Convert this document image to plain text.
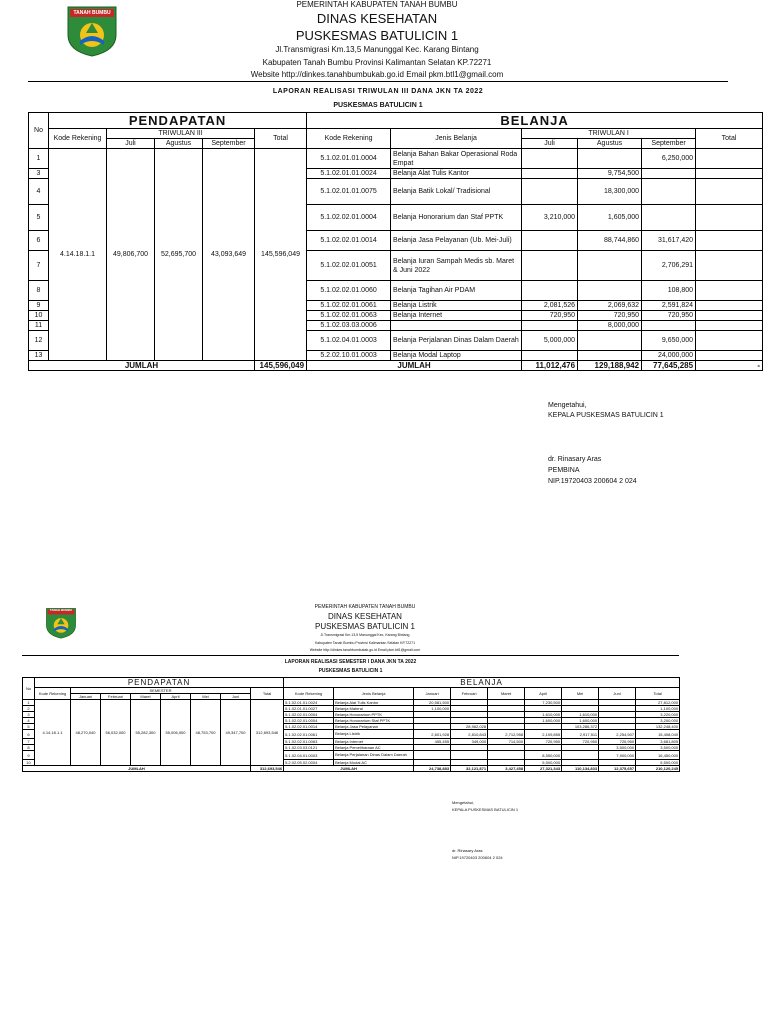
TANAH BUMBU
PEMERINTAH KABUPATEN TANAH BUMBU
DINAS KESEHATAN
PUSKESMAS BATULICIN 1
Jl.Transmigrasi Km.13,5 Manunggal Kec. Karang Bintang
Kabupaten Tanah Bumbu Provinsi Kalimantan Selatan KP.72271
Website http://dinkes.tanahbumbukab.go.id Email pkm.btl1@gmail.com
LAPORAN REALISASI TRIWULAN III DANA JKN TA 2022
PUSKESMAS BATULICIN 1
No	PENDAPATAN					BELANJA					
	Kode Rekening	TRIWULAN III			Total	Kode Rekening	Jenis Belanja	TRIWULAN I			Total
		Juli	Agustus	September				Juli	Agustus	September	
1	4.14.18.1.1	49,806,700	52,695,700	43,093,649	145,596,049	5.1.02.01.01.0004	Belanja Bahan Bakar Operasional Roda Empat			6,250,000	
3						5.1.02.01.01.0024	Belanja Alat Tulis Kantor		9,754,500		
4						5.1.02.01.01.0075	Belanja Batik Lokal/ Tradisional		18,300,000		
5						5.1.02.02.01.0004	Belanja Honorarium dan Staf PPTK	3,210,000	1,605,000		
6						5.1.02.02.01.0014	Belanja Jasa Pelayanan (Ub. Mei-Juli)		88,744,860	31,617,420	
7						5.1.02.02.01.0051	Belanja Iuran Sampah Medis sb. Maret & Juni 2022			2,706,291	
8						5.1.02.02.01.0060	Belanja Tagihan Air PDAM			108,800	
9						5.1.02.02.01.0061	Belanja Listrik	2,081,526	2,069,632	2,591,824	
10						5.1.02.02.01.0063	Belanja Internet	720,950	720,950	720,950	
11						5.1.02.03.03.0006			8,000,000		
12						5.1.02.04.01.0003	Belanja Perjalanan Dinas Dalam Daerah	5,000,000		9,650,000	
13						5.2.02.10.01.0003	Belanja Modal Laptop			24,000,000	
JUMLAH					145,596,049	JUMLAH		11,012,476	129,188,942	77,645,285	-
Mengetahui,
KEPALA PUSKESMAS BATULICIN 1
dr. Rinasary Aras
PEMBINA
NIP.19720403 200604 2 024
TANAH BUMBU	PEMERINTAH KABUPATEN TANAH BUMBU
DINAS KESEHATAN
PUSKESMAS BATULICIN 1
Jl.Transmigrasi Km.13,5 Manunggal Kec. Karang Bintang
Kabupaten Tanah Bumbu Provinsi Kalimantan Selatan KP.72271
Website http://dinkes.tanahbumbukab.go.id Email pkm.btl1@gmail.com
LAPORAN REALISASI SEMESTER I DANA JKN TA 2022
PUSKESMAS BATULICIN 1
No	PENDAPATAN								BELANJA								
	Kode Rekening	SEMESTER						Total	Kode Rekening	Jenis Belanja	Januari	Februari	Maret	April	Mei	Juni	Total
		Januari	Februari	Maret	April	Mei	Juni										
1	4.14.18.1.1	48,270,040	56,032,000	55,282,300	55,006,900	48,753,700	49,347,700	312,693,546	5.1.02.01.01.0024	Belanja Alat Tulis Kantor	20,581,500			7,230,500			27,812,000
2									5.1.02.01.01.0027	Belanja Materai	1,100,000						1,100,000
3									5.1.02.02.01.0004	Belanja Honorarium PPTK				1,610,000	1,610,000		3,220,000
4									5.1.02.02.01.0004	Belanja Honorarium Staf PPTK				1,600,000	1,600,000		3,200,000
5									5.1.02.02.01.0014	Belanja Jasa Pelayanan		28,962,028			103,286,372		132,248,400
6									5.1.02.02.01.0061	Belanja Listrik	2,601,928	2,810,843	2,712,958	2,109,855	2,917,511	2,254,507	15,408,040
7									5.1.02.02.01.0063	Belanja Internet	455,455	349,000	714,500	720,950	720,950	720,950	3,681,805
8									5.1.02.03.03.0121	Belanja Pemeliharaan AC						3,500,000	3,500,000
9									5.1.02.04.01.0003	Belanja Perjalanan Dinas Dalam Daerah				8,550,000		7,900,000	16,450,000
10									5.2.02.05.02.0004	Belanja Modal AC				5,500,000			5,500,000
JUMLAH								312,693,546	JUMLAH		24,738,883	32,121,871	3,427,458	27,321,343	110,134,833	12,375,657	210,120,245
Mengetahui,
KEPALA PUSKESMAS BATULICIN 1
dr. Rinasary Aras
NIP.19720403 200604 2 024
